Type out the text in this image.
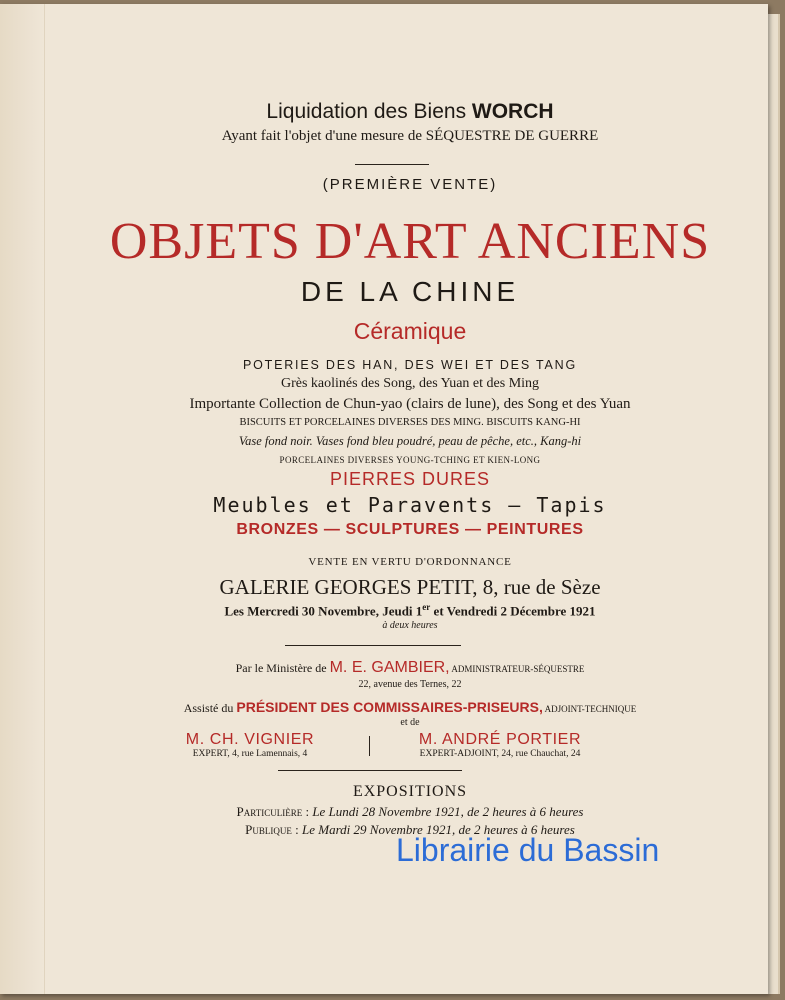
Liquidation des Biens WORCH
Ayant fait l'objet d'une mesure de SÉQUESTRE DE GUERRE
(PREMIÈRE VENTE)
OBJETS D'ART ANCIENS
DE LA CHINE
Céramique
POTERIES DES HAN, DES WEI ET DES TANG
Grès kaolinés des Song, des Yuan et des Ming
Importante Collection de Chun-yao (clairs de lune), des Song et des Yuan
BISCUITS ET PORCELAINES DIVERSES DES MING. BISCUITS KANG-HI
Vase fond noir. Vases fond bleu poudré, peau de pêche, etc., Kang-hi
PORCELAINES DIVERSES YOUNG-TCHING ET KIEN-LONG
PIERRES DURES
Meubles et Paravents — Tapis
BRONZES — SCULPTURES — PEINTURES
VENTE EN VERTU D'ORDONNANCE
GALERIE GEORGES PETIT, 8, rue de Sèze
Les Mercredi 30 Novembre, Jeudi 1er et Vendredi 2 Décembre 1921
à deux heures
Par le Ministère de M. E. GAMBIER, ADMINISTRATEUR-SÉQUESTRE
22, avenue des Ternes, 22
Assisté du PRÉSIDENT DES COMMISSAIRES-PRISEURS, ADJOINT-TECHNIQUE
et de
M. CH. VIGNIER
EXPERT, 4, rue Lamennais, 4
M. ANDRÉ PORTIER
EXPERT-ADJOINT, 24, rue Chauchat, 24
EXPOSITIONS
Particulière : Le Lundi 28 Novembre 1921, de 2 heures à 6 heures
Publique : Le Mardi 29 Novembre 1921, de 2 heures à 6 heures
Librairie du Bassin
